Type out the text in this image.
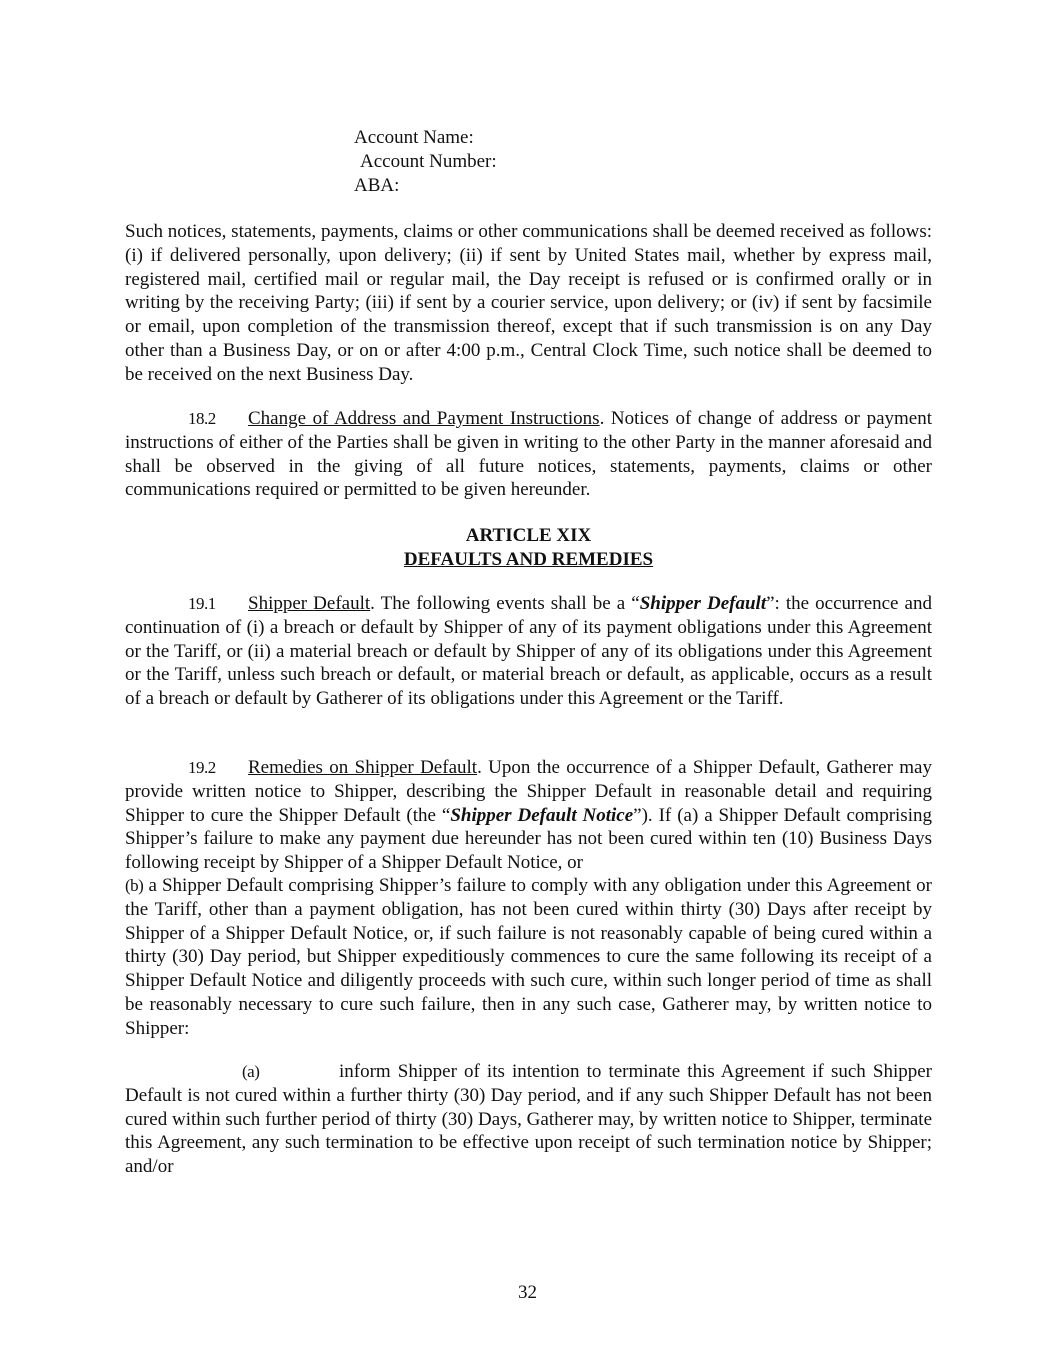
Account Name:
Account Number:
ABA:

Such notices, statements, payments, claims or other communications shall be deemed received as follows: (i) if delivered personally, upon delivery; (ii) if sent by United States mail, whether by express mail, registered mail, certified mail or regular mail, the Day receipt is refused or is confirmed orally or in writing by the receiving Party; (iii) if sent by a courier service, upon delivery; or (iv) if sent by facsimile or email, upon completion of the transmission thereof, except that if such transmission is on any Day other than a Business Day, or on or after 4:00 p.m., Central Clock Time, such notice shall be deemed to be received on the next Business Day.

18.2 Change of Address and Payment Instructions. Notices of change of address or payment instructions of either of the Parties shall be given in writing to the other Party in the manner aforesaid and shall be observed in the giving of all future notices, statements, payments, claims or other communications required or permitted to be given hereunder.

ARTICLE XIX
DEFAULTS AND REMEDIES

19.1 Shipper Default. The following events shall be a “Shipper Default”: the occurrence and continuation of (i) a breach or default by Shipper of any of its payment obligations under this Agreement or the Tariff, or (ii) a material breach or default by Shipper of any of its obligations under this Agreement or the Tariff, unless such breach or default, or material breach or default, as applicable, occurs as a result of a breach or default by Gatherer of its obligations under this Agreement or the Tariff.

19.2 Remedies on Shipper Default. Upon the occurrence of a Shipper Default, Gatherer may provide written notice to Shipper, describing the Shipper Default in reasonable detail and requiring Shipper to cure the Shipper Default (the “Shipper Default Notice”). If (a) a Shipper Default comprising Shipper’s failure to make any payment due hereunder has not been cured within ten (10) Business Days following receipt by Shipper of a Shipper Default Notice, or

(b) a Shipper Default comprising Shipper’s failure to comply with any obligation under this Agreement or the Tariff, other than a payment obligation, has not been cured within thirty (30) Days after receipt by Shipper of a Shipper Default Notice, or, if such failure is not reasonably capable of being cured within a thirty (30) Day period, but Shipper expeditiously commences to cure the same following its receipt of a Shipper Default Notice and diligently proceeds with such cure, within such longer period of time as shall be reasonably necessary to cure such failure, then in any such case, Gatherer may, by written notice to Shipper:

(a)	inform Shipper of its intention to terminate this Agreement if such Shipper Default is not cured within a further thirty (30) Day period, and if any such Shipper Default has not been cured within such further period of thirty (30) Days, Gatherer may, by written notice to Shipper, terminate this Agreement, any such termination to be effective upon receipt of such termination notice by Shipper; and/or

32
